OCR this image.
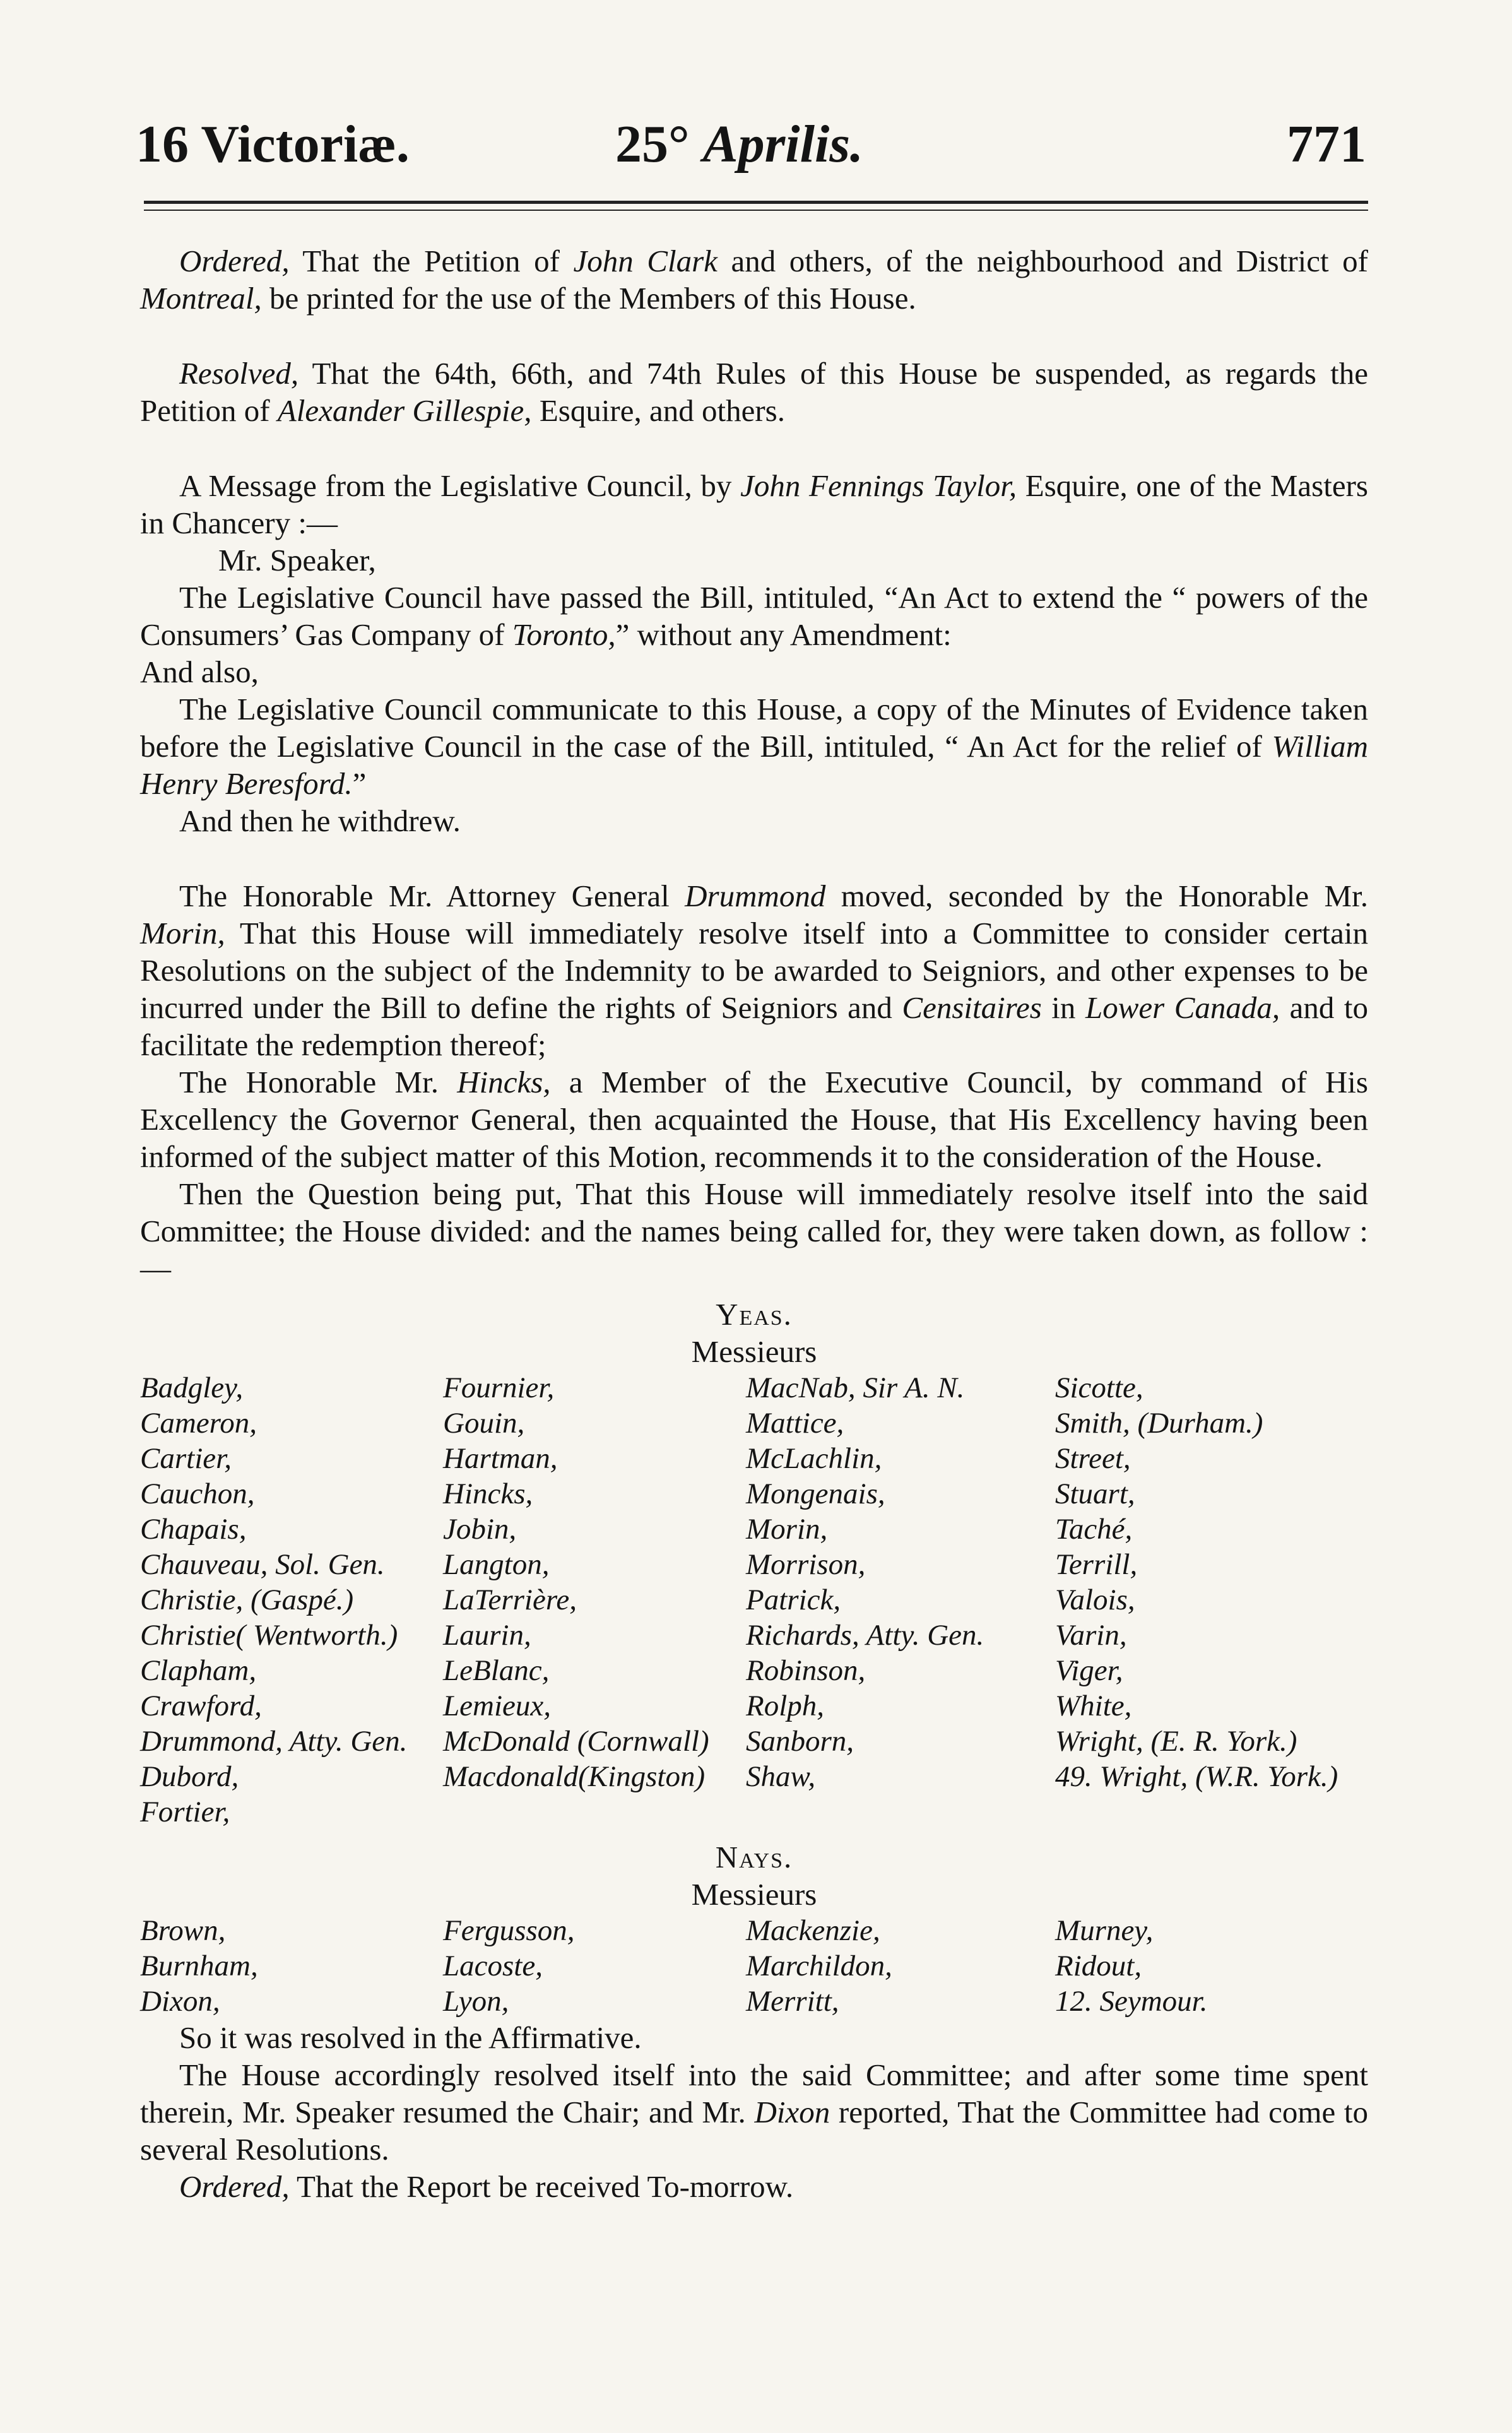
16 Victoriæ.	25° Aprilis.	771

Ordered, That the Petition of John Clark and others, of the neighbourhood and District of Montreal, be printed for the use of the Members of this House.

Resolved, That the 64th, 66th, and 74th Rules of this House be suspended, as regards the Petition of Alexander Gillespie, Esquire, and others.

A Message from the Legislative Council, by John Fennings Taylor, Esquire, one of the Masters in Chancery :—

Mr. Speaker,

The Legislative Council have passed the Bill, intituled, “An Act to extend the “ powers of the Consumers’ Gas Company of Toronto,” without any Amendment:

And also,

The Legislative Council communicate to this House, a copy of the Minutes of Evidence taken before the Legislative Council in the case of the Bill, intituled, “ An Act for the relief of William Henry Beresford.”

And then he withdrew.

The Honorable Mr. Attorney General Drummond moved, seconded by the Honorable Mr. Morin, That this House will immediately resolve itself into a Committee to consider certain Resolutions on the subject of the Indemnity to be awarded to Seigniors, and other expenses to be incurred under the Bill to define the rights of Seigniors and Censitaires in Lower Canada, and to facilitate the redemption thereof;

The Honorable Mr. Hincks, a Member of the Executive Council, by command of His Excellency the Governor General, then acquainted the House, that His Excellency having been informed of the subject matter of this Motion, recommends it to the consideration of the House.

Then the Question being put, That this House will immediately resolve itself into the said Committee; the House divided: and the names being called for, they were taken down, as follow :—

Yeas.

Messieurs

Badgley,	Fournier,	MacNab, Sir A. N.	Sicotte,
Cameron,	Gouin,	Mattice,	Smith, (Durham.)
Cartier,	Hartman,	McLachlin,	Street,
Cauchon,	Hincks,	Mongenais,	Stuart,
Chapais,	Jobin,	Morin,	Taché,
Chauveau, Sol. Gen.	Langton,	Morrison,	Terrill,
Christie, (Gaspé.)	LaTerrière,	Patrick,	Valois,
Christie( Wentworth.)	Laurin,	Richards, Atty. Gen.	Varin,
Clapham,	LeBlanc,	Robinson,	Viger,
Crawford,	Lemieux,	Rolph,	White,
Drummond, Atty. Gen.	McDonald (Cornwall)	Sanborn,	Wright, (E. R. York.)
Dubord,	Macdonald(Kingston)	Shaw,	49. Wright, (W.R. York.)
Fortier,			

Nays.

Messieurs

Brown,	Fergusson,	Mackenzie,	Murney,
Burnham,	Lacoste,	Marchildon,	Ridout,
Dixon,	Lyon,	Merritt,	12. Seymour.

So it was resolved in the Affirmative.

The House accordingly resolved itself into the said Committee; and after some time spent therein, Mr. Speaker resumed the Chair; and Mr. Dixon reported, That the Committee had come to several Resolutions.

Ordered, That the Report be received To-morrow.
